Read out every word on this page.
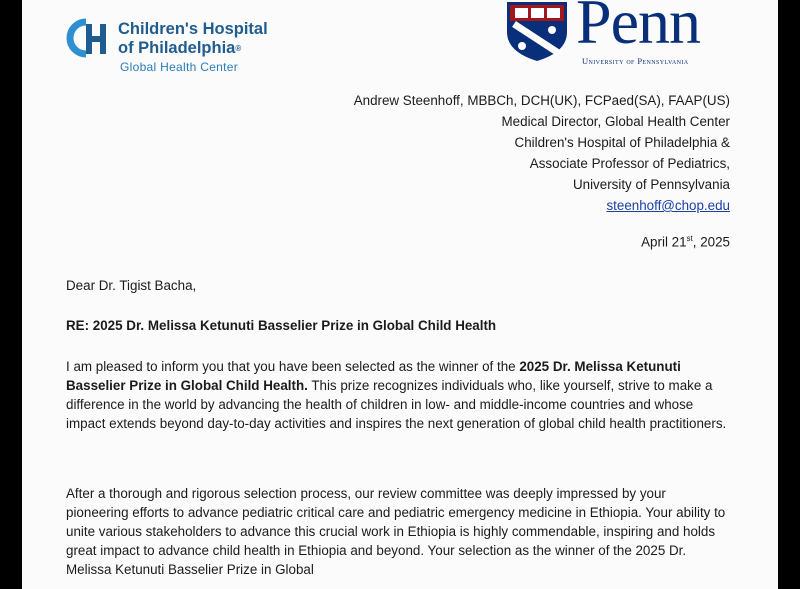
Children's Hospital
of Philadelphia®
Global Health Center
Penn
University of Pennsylvania
Andrew Steenhoff, MBBCh, DCH(UK), FCPaed(SA), FAAP(US)
Medical Director, Global Health Center
Children's Hospital of Philadelphia &
Associate Professor of Pediatrics,
University of Pennsylvania
steenhoff@chop.edu
April 21st, 2025
Dear Dr. Tigist Bacha,
RE: 2025 Dr. Melissa Ketunuti Basselier Prize in Global Child Health
I am pleased to inform you that you have been selected as the winner of the 2025 Dr. Melissa Ketunuti Basselier Prize in Global Child Health. This prize recognizes individuals who, like yourself, strive to make a difference in the world by advancing the health of children in low- and middle-income countries and whose impact extends beyond day-to-day activities and inspires the next generation of global child health practitioners.
After a thorough and rigorous selection process, our review committee was deeply impressed by your pioneering efforts to advance pediatric critical care and pediatric emergency medicine in Ethiopia. Your ability to unite various stakeholders to advance this crucial work in Ethiopia is highly commendable, inspiring and holds great impact to advance child health in Ethiopia and beyond. Your selection as the winner of the 2025 Dr. Melissa Ketunuti Basselier Prize in Global
